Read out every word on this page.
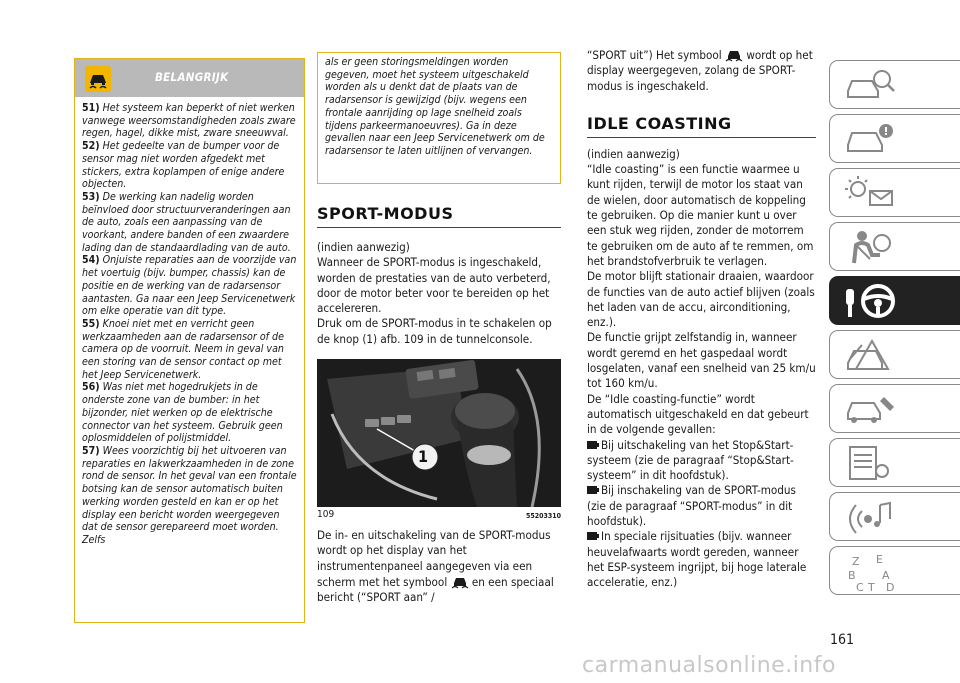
BELANGRIJK

51) Het systeem kan beperkt of niet werken vanwege weersomstandigheden zoals zware regen, hagel, dikke mist, zware sneeuwval.

52) Het gedeelte van de bumper voor de sensor mag niet worden afgedekt met stickers, extra koplampen of enige andere objecten.

53) De werking kan nadelig worden beïnvloed door structuurveranderingen aan de auto, zoals een aanpassing van de voorkant, andere banden of een zwaardere lading dan de standaardlading van de auto.

54) Onjuiste reparaties aan de voorzijde van het voertuig (bijv. bumper, chassis) kan de positie en de werking van de radarsensor aantasten. Ga naar een Jeep Servicenetwerk om elke operatie van dit type.

55) Knoei niet met en verricht geen werkzaamheden aan de radarsensor of de camera op de voorruit. Neem in geval van een storing van de sensor contact op met het Jeep Servicenetwerk.

56) Was niet met hogedrukjets in de onderste zone van de bumber: in het bijzonder, niet werken op de elektrische connector van het systeem. Gebruik geen oplosmiddelen of polijstmiddel.

57) Wees voorzichtig bij het uitvoeren van reparaties en lakwerkzaamheden in de zone rond de sensor. In het geval van een frontale botsing kan de sensor automatisch buiten werking worden gesteld en kan er op het display een bericht worden weergegeven dat de sensor gerepareerd moet worden. Zelfs

als er geen storingsmeldingen worden gegeven, moet het systeem uitgeschakeld worden als u denkt dat de plaats van de radarsensor is gewijzigd (bijv. wegens een frontale aanrijding op lage snelheid zoals tijdens parkeermanoeuvres). Ga in deze gevallen naar een Jeep Servicenetwerk om de radarsensor te laten uitlijnen of vervangen.
SPORT-MODUS

(indien aanwezig)

Wanneer de SPORT-modus is ingeschakeld, worden de prestaties van de auto verbeterd, door de motor beter voor te bereiden op het accelereren.

Druk om de SPORT-modus in te schakelen op de knop (1) afb. 109 in de tunnelconsole.

1
109	55203310

De in- en uitschakeling van de SPORT-modus wordt op het display van het instrumentenpaneel aangegeven via een scherm met het symbool en een speciaal bericht (“SPORT aan” /

“SPORT uit”) Het symbool wordt op het display weergegeven, zolang de SPORT-modus is ingeschakeld.

IDLE COASTING

(indien aanwezig)

“Idle coasting” is een functie waarmee u kunt rijden, terwijl de motor los staat van de wielen, door automatisch de koppeling te gebruiken. Op die manier kunt u over een stuk weg rijden, zonder de motorrem te gebruiken om de auto af te remmen, om het brandstofverbruik te verlagen.

De motor blijft stationair draaien, waardoor de functies van de auto actief blijven (zoals het laden van de accu, airconditioning, enz.).

De functie grijpt zelfstandig in, wanneer wordt geremd en het gaspedaal wordt losgelaten, vanaf een snelheid van 25 km/u tot 160 km/u.

De “Idle coasting-functie” wordt automatisch uitgeschakeld en dat gebeurt in de volgende gevallen:

Bij uitschakeling van het Stop&Start-systeem (zie de paragraaf “Stop&Start-systeem” in dit hoofdstuk).

Bij inschakeling van de SPORT-modus (zie de paragraaf “SPORT-modus” in dit hoofdstuk).

In speciale rijsituaties (bijv. wanneer heuvelafwaarts wordt gereden, wanneer het ESP-systeem ingrijpt, bij hoge laterale acceleratie, enz.)

Z E
B A
C T D
161
carmanualsonline.info
